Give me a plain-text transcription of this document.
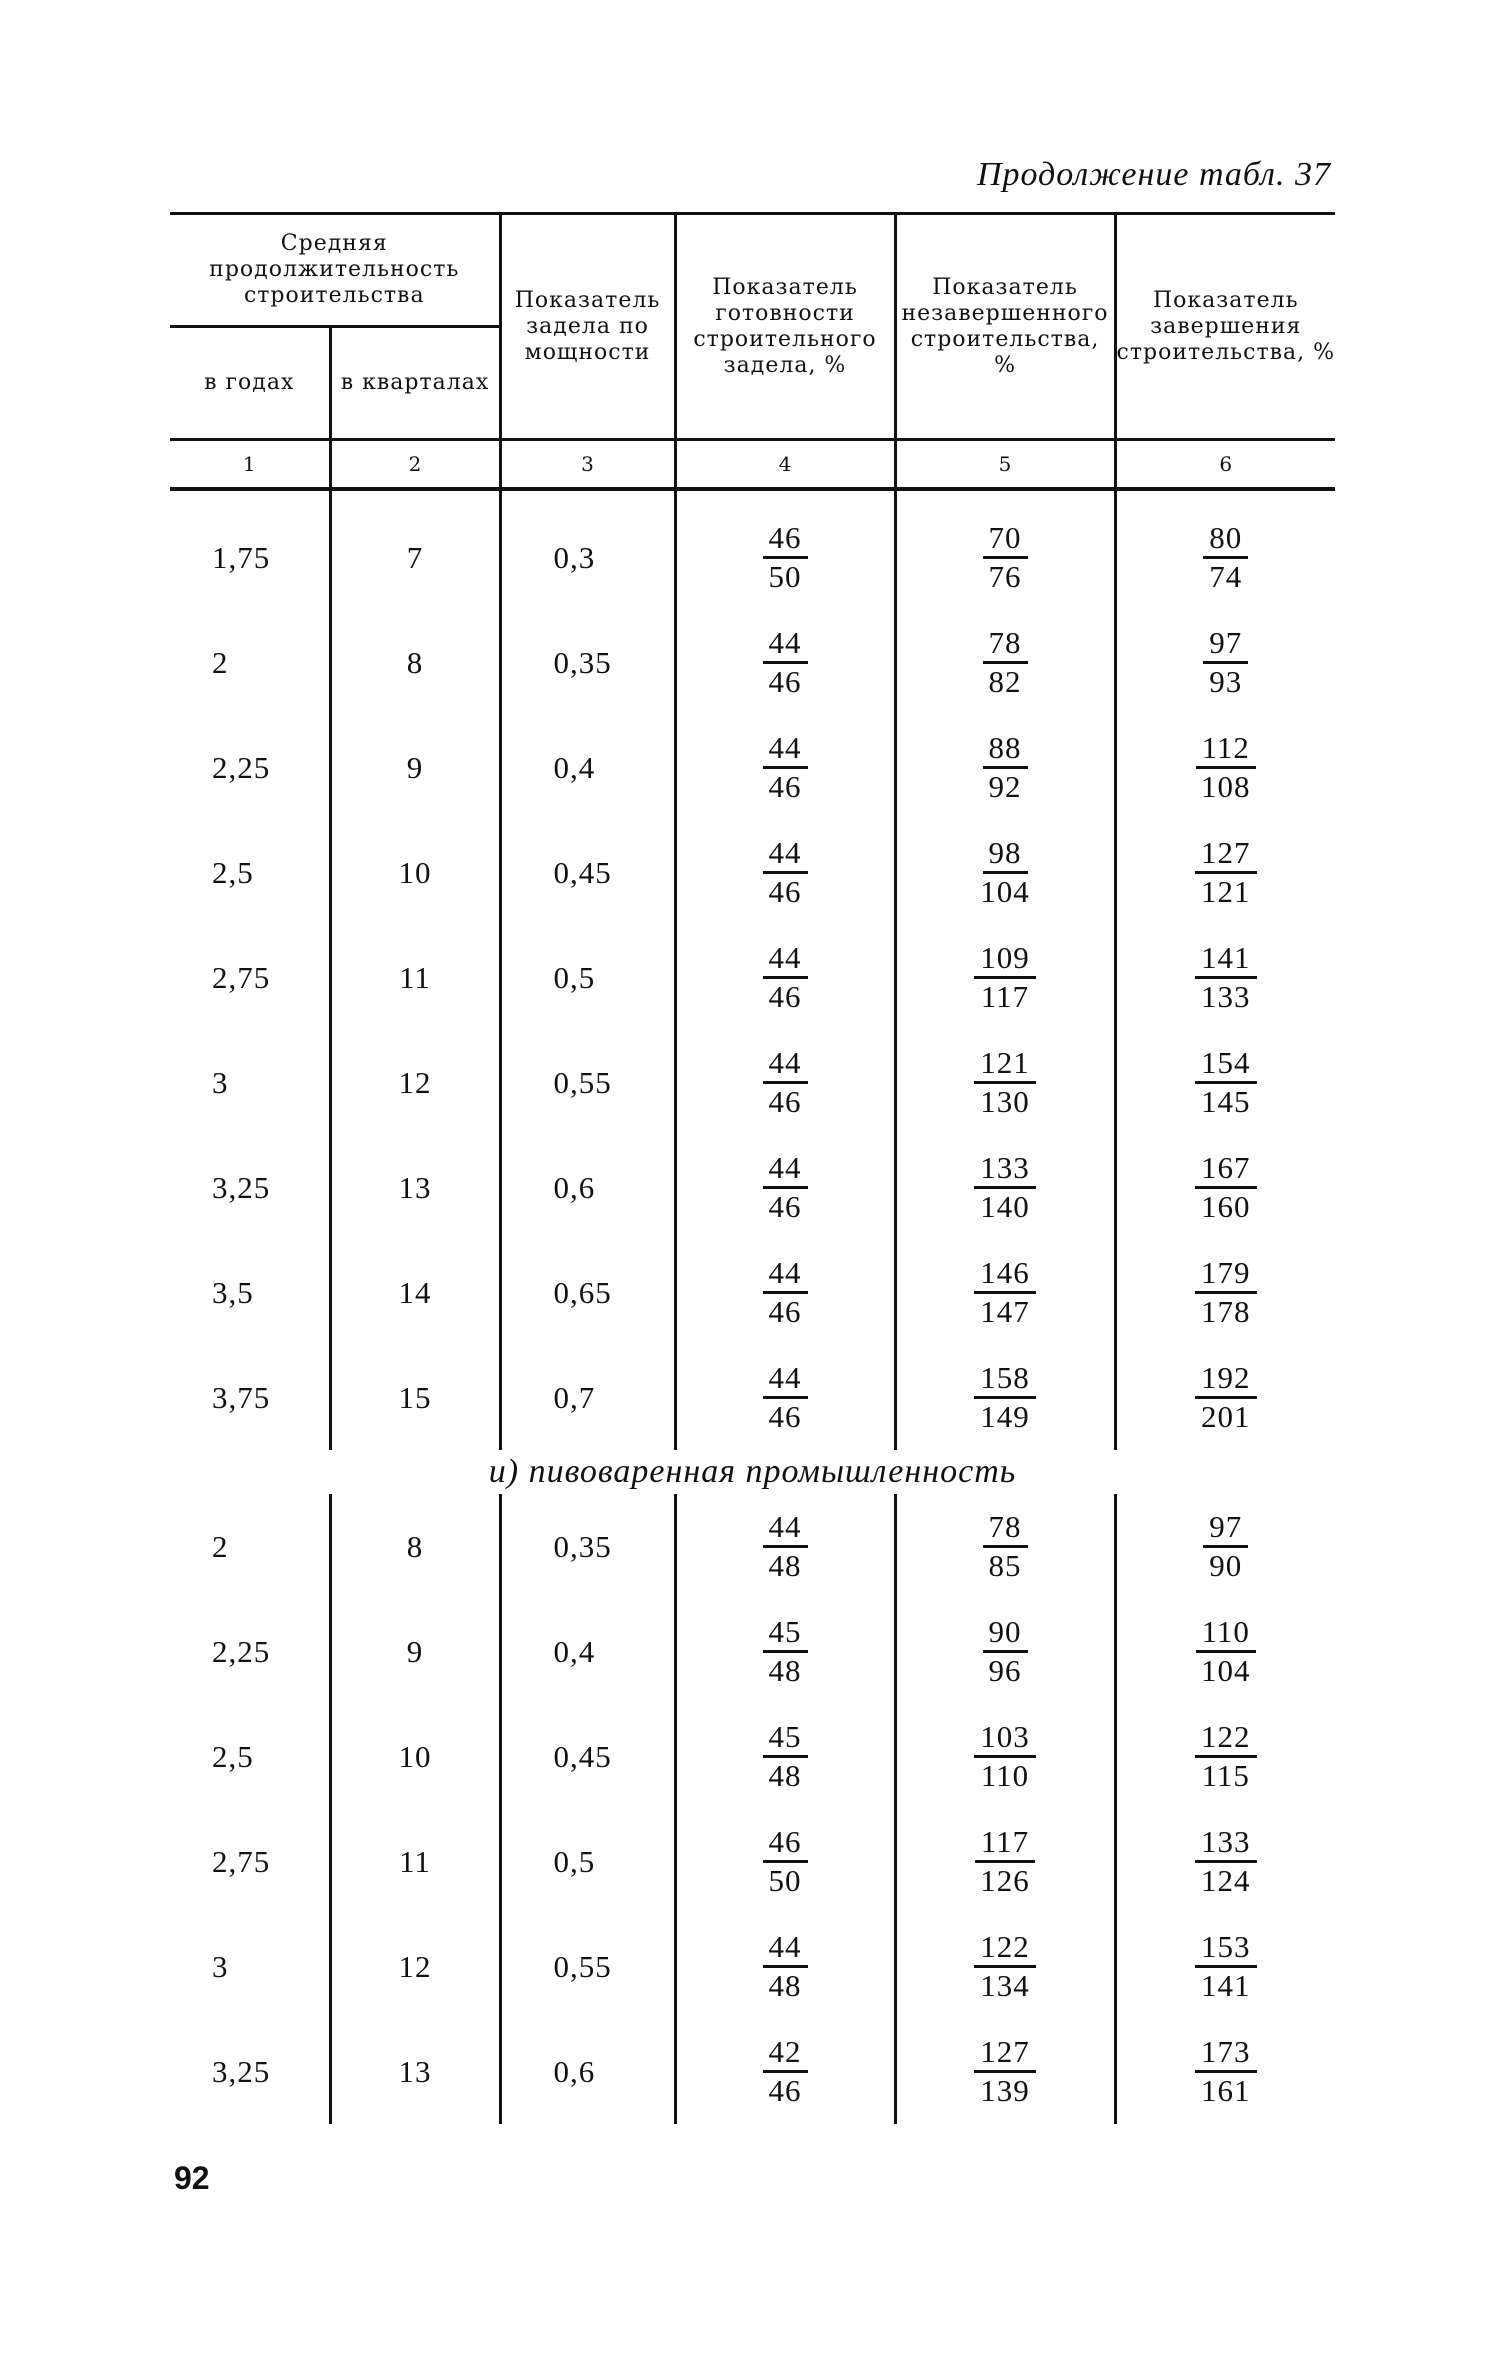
Продолжение табл. 37
Средняя продолжительность строительства		Показатель задела по мощности	Показатель готовности строительного задела, %	Показатель незавершенного строительства, %	Показатель завершения строительства, %
в годах	в кварталах				
1	2	3	4	5	6

1,75	7	0,3	$\frac{46}{50}$	$\frac{70}{76}$	$\frac{80}{74}$

2	8	0,35	$\frac{44}{46}$	$\frac{78}{82}$	$\frac{97}{93}$

2,25	9	0,4	$\frac{44}{46}$	$\frac{88}{92}$	$\frac{112}{108}$

2,5	10	0,45	$\frac{44}{46}$	$\frac{98}{104}$	$\frac{127}{121}$

2,75	11	0,5	$\frac{44}{46}$	$\frac{109}{117}$	$\frac{141}{133}$

3	12	0,55	$\frac{44}{46}$	$\frac{121}{130}$	$\frac{154}{145}$

3,25	13	0,6	$\frac{44}{46}$	$\frac{133}{140}$	$\frac{167}{160}$

3,5	14	0,65	$\frac{44}{46}$	$\frac{146}{147}$	$\frac{179}{178}$

3,75	15	0,7	$\frac{44}{46}$	$\frac{158}{149}$	$\frac{192}{201}$

и) пивоваренная промышленность					
2	8	0,35	$\frac{44}{48}$	$\frac{78}{85}$	$\frac{97}{90}$

2,25	9	0,4	$\frac{45}{48}$	$\frac{90}{96}$	$\frac{110}{104}$

2,5	10	0,45	$\frac{45}{48}$	$\frac{103}{110}$	$\frac{122}{115}$

2,75	11	0,5	$\frac{46}{50}$	$\frac{117}{126}$	$\frac{133}{124}$

3	12	0,55	$\frac{44}{48}$	$\frac{122}{134}$	$\frac{153}{141}$

3,25	13	0,6	$\frac{42}{46}$	$\frac{127}{139}$	$\frac{173}{161}$
92
